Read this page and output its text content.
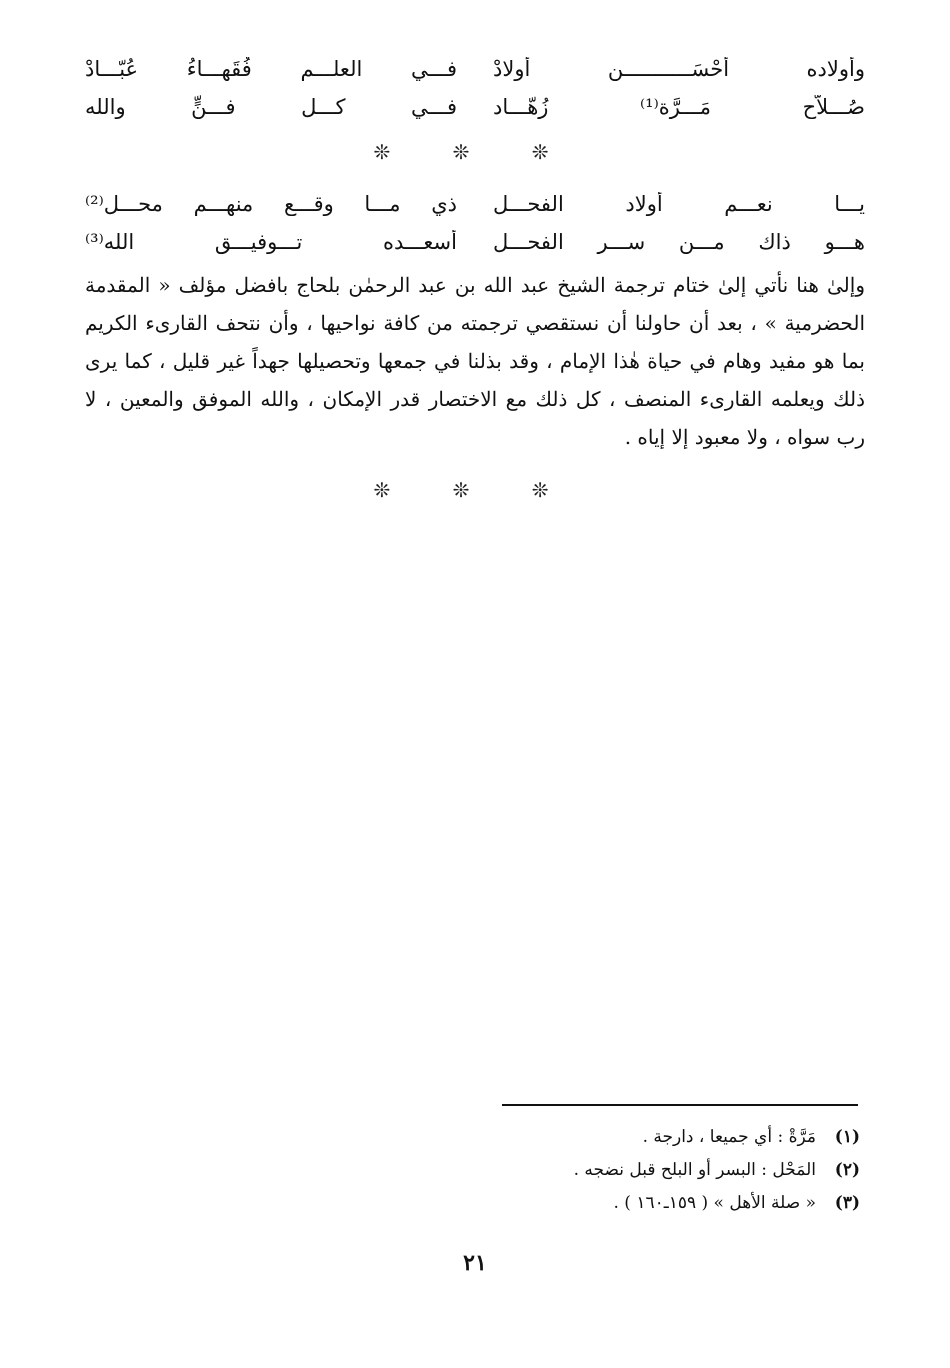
وأولاده أحْسَـــــــــــن أولادْ
فـــي العلـــم فُقَهـــاءُ عُبّـــادْ
صُـــلاّح مَـــرَّة⁽¹⁾ زُهّـــاد
فـــي كـــل فـــنٍّ والله
❊ ❊ ❊
يـــا نعـــم أولاد الفحـــل
ذي مـــا وقـــع منهـــم محـــل⁽²⁾
هـــو ذاك مـــن ســـر الفحـــل
أسعـــده تـــوفيـــق الله⁽³⁾

وإلىٰ هنا نأتي إلىٰ ختام ترجمة الشيخ عبد الله بن عبد الرحمٰن بلحاج بافضل مؤلف « المقدمة الحضرمية » ، بعد أن حاولنا أن نستقصي ترجمته من كافة نواحيها ، وأن نتحف القارىء الكريم بما هو مفيد وهام في حياة هٰذا الإمام ، وقد بذلنا في جمعها وتحصيلها جهداً غير قليل ، كما يرى ذلك ويعلمه القارىء المنصف ، كل ذلك مع الاختصار قدر الإمكان ، والله الموفق والمعين ، لا رب سواه ، ولا معبود إلا إياه .

❊ ❊ ❊
(١)
مَرَّةْ : أي جميعا ، دارجة .
(٢)
المَحْل : البسر أو البلح قبل نضجه .
(٣)
« صلة الأهل » ( ١٥٩ـ١٦٠ ) .
٢١
